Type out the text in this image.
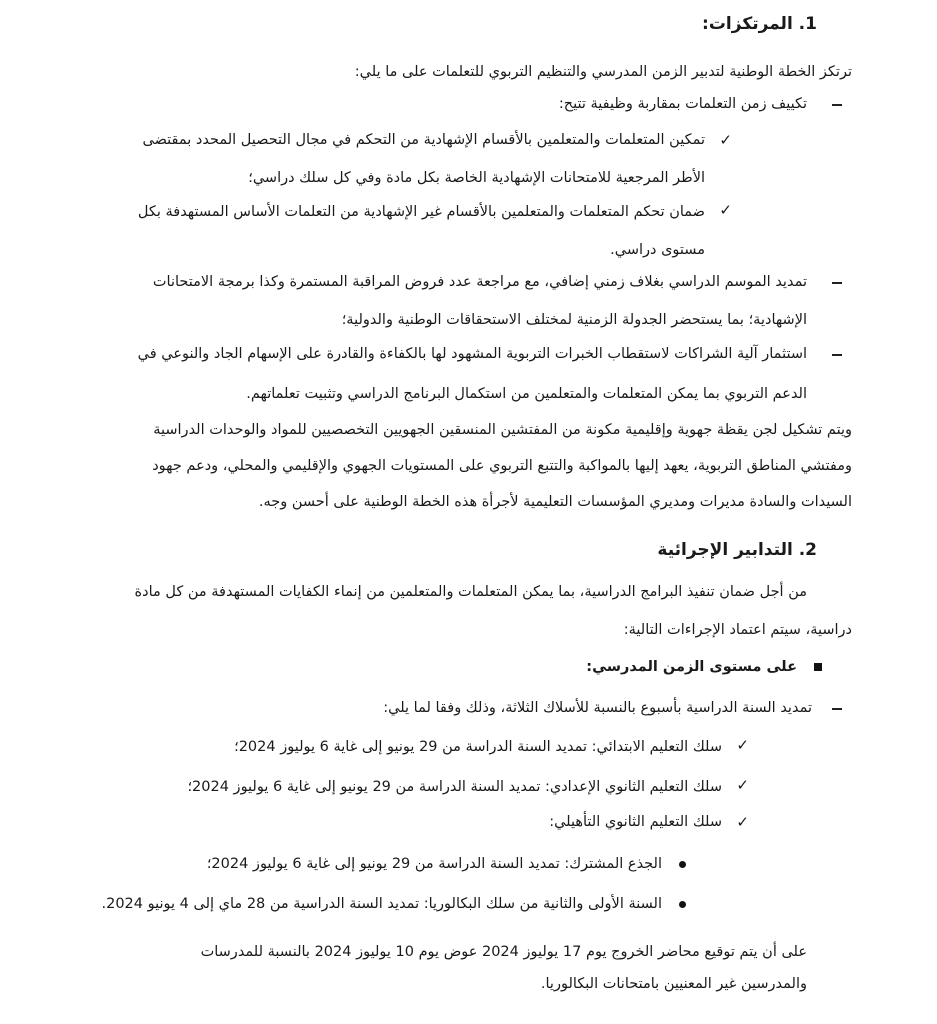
1. المرتكزات:
ترتكز الخطة الوطنية لتدبير الزمن المدرسي والتنظيم التربوي للتعلمات على ما يلي:
تكييف زمن التعلمات بمقاربة وظيفية تتيح:
✓
تمكين المتعلمات والمتعلمين بالأقسام الإشهادية من التحكم في مجال التحصيل المحدد بمقتضى
الأطر المرجعية للامتحانات الإشهادية الخاصة بكل مادة وفي كل سلك دراسي؛
✓
ضمان تحكم المتعلمات والمتعلمين بالأقسام غير الإشهادية من التعلمات الأساس المستهدفة بكل
مستوى دراسي.
تمديد الموسم الدراسي بغلاف زمني إضافي، مع مراجعة عدد فروض المراقبة المستمرة وكذا برمجة الامتحانات
الإشهادية؛ بما يستحضر الجدولة الزمنية لمختلف الاستحقاقات الوطنية والدولية؛
استثمار آلية الشراكات لاستقطاب الخبرات التربوية المشهود لها بالكفاءة والقادرة على الإسهام الجاد والنوعي في
الدعم التربوي بما يمكن المتعلمات والمتعلمين من استكمال البرنامج الدراسي وتثبيت تعلماتهم.
ويتم تشكيل لجن يقظة جهوية وإقليمية مكونة من المفتشين المنسقين الجهويين التخصصيين للمواد والوحدات الدراسية
ومفتشي المناطق التربوية، يعهد إليها بالمواكبة والتتبع التربوي على المستويات الجهوي والإقليمي والمحلي، ودعم جهود
السيدات والسادة مديرات ومديري المؤسسات التعليمية لأجرأة هذه الخطة الوطنية على أحسن وجه.
2. التدابير الإجرائية
من أجل ضمان تنفيذ البرامج الدراسية، بما يمكن المتعلمات والمتعلمين من إنماء الكفايات المستهدفة من كل مادة
دراسية، سيتم اعتماد الإجراءات التالية:
على مستوى الزمن المدرسي:
تمديد السنة الدراسية بأسبوع بالنسبة للأسلاك الثلاثة، وذلك وفقا لما يلي:
✓
سلك التعليم الابتدائي: تمديد السنة الدراسة من 29 يونيو إلى غاية 6 يوليوز 2024؛
✓
سلك التعليم الثانوي الإعدادي: تمديد السنة الدراسة من 29 يونيو إلى غاية 6 يوليوز 2024؛
✓
سلك التعليم الثانوي التأهيلي:
الجذع المشترك: تمديد السنة الدراسة من 29 يونيو إلى غاية 6 يوليوز 2024؛
السنة الأولى والثانية من سلك البكالوريا: تمديد السنة الدراسية من 28 ماي إلى 4 يونيو 2024.
على أن يتم توقيع محاضر الخروج يوم 17 يوليوز 2024 عوض يوم 10 يوليوز 2024 بالنسبة للمدرسات
والمدرسين غير المعنيين بامتحانات البكالوريا.
